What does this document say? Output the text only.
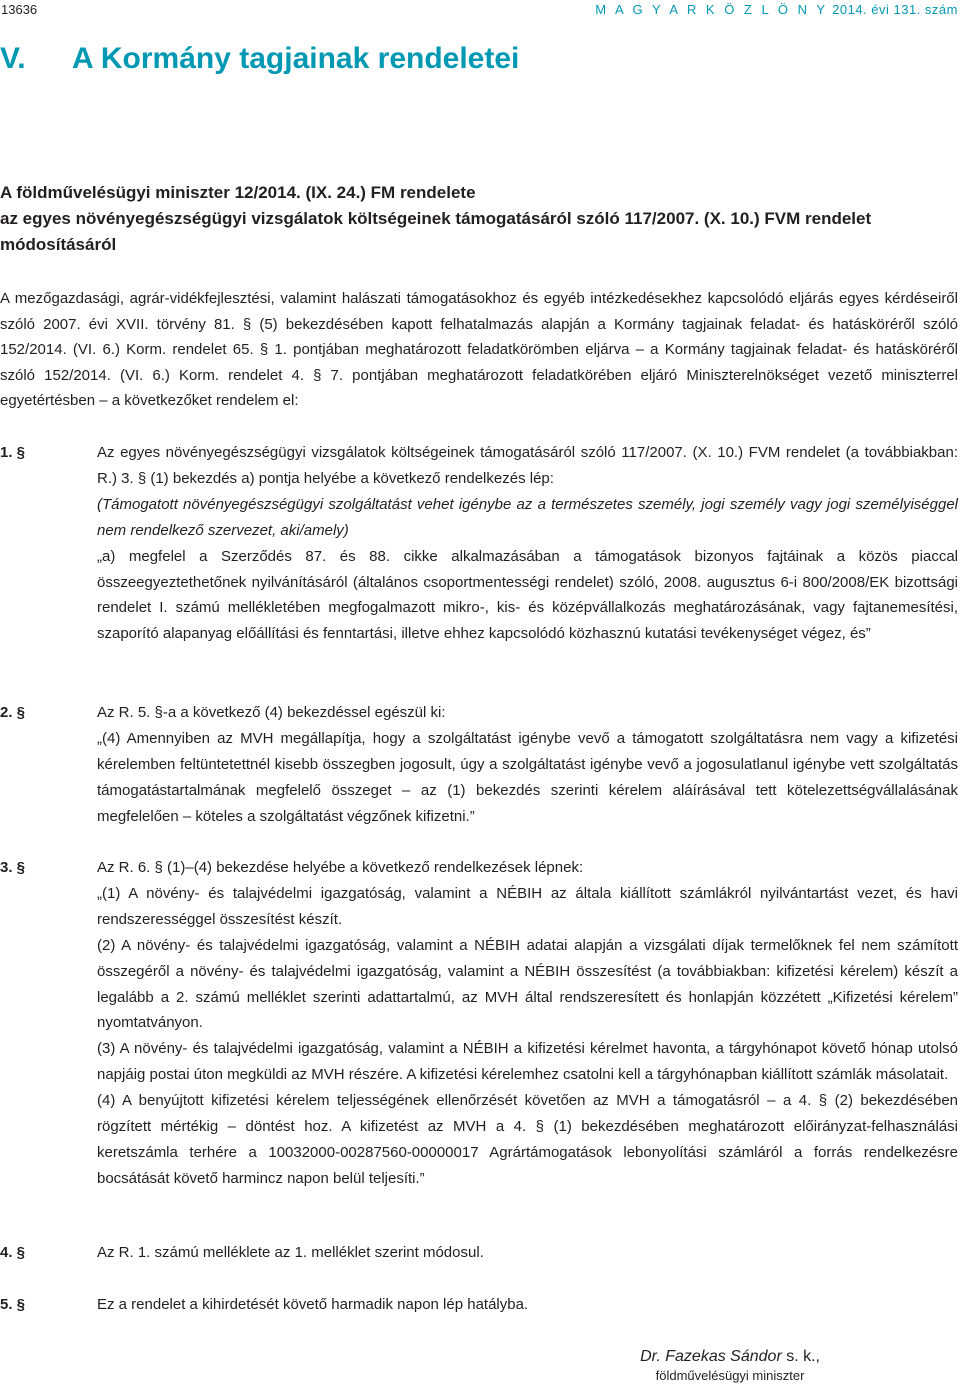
13636	M A G Y A R K Ö Z L Ö N Y 2014. évi 131. szám
V. A Kormány tagjainak rendeletei
A földművelésügyi miniszter 12/2014. (IX. 24.) FM rendelete
az egyes növényegészségügyi vizsgálatok költségeinek támogatásáról szóló 117/2007. (X. 10.) FVM rendelet
módosításáról
A mezőgazdasági, agrár-vidékfejlesztési, valamint halászati támogatásokhoz és egyéb intézkedésekhez kapcsolódó eljárás egyes kérdéseiről szóló 2007. évi XVII. törvény 81. § (5) bekezdésében kapott felhatalmazás alapján a Kormány tagjainak feladat- és hatásköréről szóló 152/2014. (VI. 6.) Korm. rendelet 65. § 1. pontjában meghatározott feladatkörömben eljárva – a Kormány tagjainak feladat- és hatásköréről szóló 152/2014. (VI. 6.) Korm. rendelet 4. § 7. pontjában meghatározott feladatkörében eljáró Miniszterelnökséget vezető miniszterrel egyetértésben – a következőket rendelem el:
1. §	Az egyes növényegészségügyi vizsgálatok költségeinek támogatásáról szóló 117/2007. (X. 10.) FVM rendelet (a továbbiakban: R.) 3. § (1) bekezdés a) pontja helyébe a következő rendelkezés lép:

(Támogatott növényegészségügyi szolgáltatást vehet igénybe az a természetes személy, jogi személy vagy jogi személyiséggel nem rendelkező szervezet, aki/amely)

„a) megfelel a Szerződés 87. és 88. cikke alkalmazásában a támogatások bizonyos fajtáinak a közös piaccal összeegyeztethetőnek nyilvánításáról (általános csoportmentességi rendelet) szóló, 2008. augusztus 6-i 800/2008/EK bizottsági rendelet I. számú mellékletében megfogalmazott mikro-, kis- és középvállalkozás meghatározásának, vagy fajtanemesítési, szaporító alapanyag előállítási és fenntartási, illetve ehhez kapcsolódó közhasznú kutatási tevékenységet végez, és”

2. §	Az R. 5. §-a a következő (4) bekezdéssel egészül ki:

„(4) Amennyiben az MVH megállapítja, hogy a szolgáltatást igénybe vevő a támogatott szolgáltatásra nem vagy a kifizetési kérelemben feltüntetettnél kisebb összegben jogosult, úgy a szolgáltatást igénybe vevő a jogosulatlanul igénybe vett szolgáltatás támogatástartalmának megfelelő összeget – az (1) bekezdés szerinti kérelem aláírásával tett kötelezettségvállalásának megfelelően – köteles a szolgáltatást végzőnek kifizetni.”

3. §	Az R. 6. § (1)–(4) bekezdése helyébe a következő rendelkezések lépnek:

„(1) A növény- és talajvédelmi igazgatóság, valamint a NÉBIH az általa kiállított számlákról nyilvántartást vezet, és havi rendszerességgel összesítést készít.

(2) A növény- és talajvédelmi igazgatóság, valamint a NÉBIH adatai alapján a vizsgálati díjak termelőknek fel nem számított összegéről a növény- és talajvédelmi igazgatóság, valamint a NÉBIH összesítést (a továbbiakban: kifizetési kérelem) készít a legalább a 2. számú melléklet szerinti adattartalmú, az MVH által rendszeresített és honlapján közzétett „Kifizetési kérelem” nyomtatványon.

(3) A növény- és talajvédelmi igazgatóság, valamint a NÉBIH a kifizetési kérelmet havonta, a tárgyhónapot követő hónap utolsó napjáig postai úton megküldi az MVH részére. A kifizetési kérelemhez csatolni kell a tárgyhónapban kiállított számlák másolatait.

(4) A benyújtott kifizetési kérelem teljességének ellenőrzését követően az MVH a támogatásról – a 4. § (2) bekezdésében rögzített mértékig – döntést hoz. A kifizetést az MVH a 4. § (1) bekezdésében meghatározott előirányzat-felhasználási keretszámla terhére a 10032000-00287560-00000017 Agrártámogatások lebonyolítási számláról a forrás rendelkezésre bocsátását követő harmincz napon belül teljesíti.”

4. §	Az R. 1. számú melléklete az 1. melléklet szerint módosul.

5. §	Ez a rendelet a kihirdetését követő harmadik napon lép hatályba.

Dr. Fazekas Sándor s. k.,
földművelésügyi miniszter
